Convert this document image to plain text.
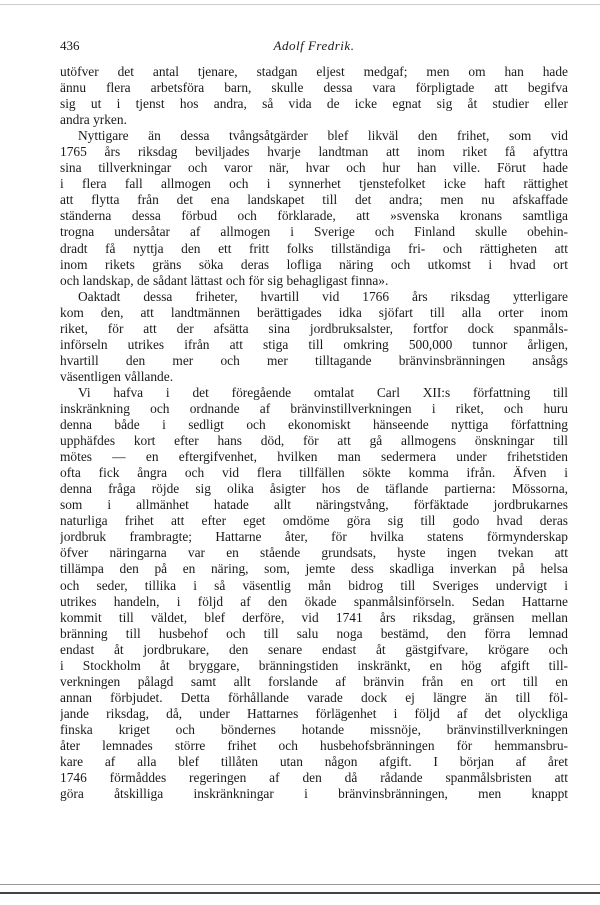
436	Adolf Fredrik.
utöfver det antal tjenare, stadgan eljest medgaf; men om han hade
ännu flera arbetsföra barn, skulle dessa vara förpligtade att begifva
sig ut i tjenst hos andra, så vida de icke egnat sig åt studier eller
andra yrken.
Nyttigare än dessa tvångsåtgärder blef likväl den frihet, som vid
1765 års riksdag beviljades hvarje landtman att inom riket få afyttra
sina tillverkningar och varor när, hvar och hur han ville. Förut hade
i flera fall allmogen och i synnerhet tjenstefolket icke haft rättighet
att flytta från det ena landskapet till det andra; men nu afskaffade
ständerna dessa förbud och förklarade, att »svenska kronans samtliga
trogna undersåtar af allmogen i Sverige och Finland skulle obehin-
dradt få nyttja den ett fritt folks tillständiga fri- och rättigheten att
inom rikets gräns söka deras lofliga näring och utkomst i hvad ort
och landskap, de sådant lättast och för sig behagligast finna».
Oaktadt dessa friheter, hvartill vid 1766 års riksdag ytterligare
kom den, att landtmännen berättigades idka sjöfart till alla orter inom
riket, för att der afsätta sina jordbruksalster, fortfor dock spanmåls-
införseln utrikes ifrån att stiga till omkring 500,000 tunnor årligen,
hvartill den mer och mer tilltagande bränvinsbränningen ansågs
väsentligen vållande.
Vi hafva i det föregående omtalat Carl XII:s författning till
inskränkning och ordnande af bränvinstillverkningen i riket, och huru
denna både i sedligt och ekonomiskt hänseende nyttiga författning
upphäfdes kort efter hans död, för att gå allmogens önskningar till
mötes — en eftergifvenhet, hvilken man sedermera under frihetstiden
ofta fick ångra och vid flera tillfällen sökte komma ifrån. Äfven i
denna fråga röjde sig olika åsigter hos de täflande partierna: Mössorna,
som i allmänhet hatade allt näringstvång, förfäktade jordbrukarnes
naturliga frihet att efter eget omdöme göra sig till godo hvad deras
jordbruk frambragte; Hattarne åter, för hvilka statens förmynderskap
öfver näringarna var en stående grundsats, hyste ingen tvekan att
tillämpa den på en näring, som, jemte dess skadliga inverkan på helsa
och seder, tillika i så väsentlig mån bidrog till Sveriges undervigt i
utrikes handeln, i följd af den ökade spanmålsinförseln. Sedan Hattarne
kommit till väldet, blef derföre, vid 1741 års riksdag, gränsen mellan
bränning till husbehof och till salu noga bestämd, den förra lemnad
endast åt jordbrukare, den senare endast åt gästgifvare, krögare och
i Stockholm åt bryggare, bränningstiden inskränkt, en hög afgift till-
verkningen pålagd samt allt forslande af bränvin från en ort till en
annan förbjudet. Detta förhållande varade dock ej längre än till föl-
jande riksdag, då, under Hattarnes förlägenhet i följd af det olyckliga
finska kriget och böndernes hotande missnöje, bränvinstillverkningen
åter lemnades större frihet och husbehofsbränningen för hemmansbru-
kare af alla blef tillåten utan någon afgift. I början af året
1746 förmåddes regeringen af den då rådande spanmålsbristen att
göra åtskilliga inskränkningar i bränvinsbränningen, men knappt
